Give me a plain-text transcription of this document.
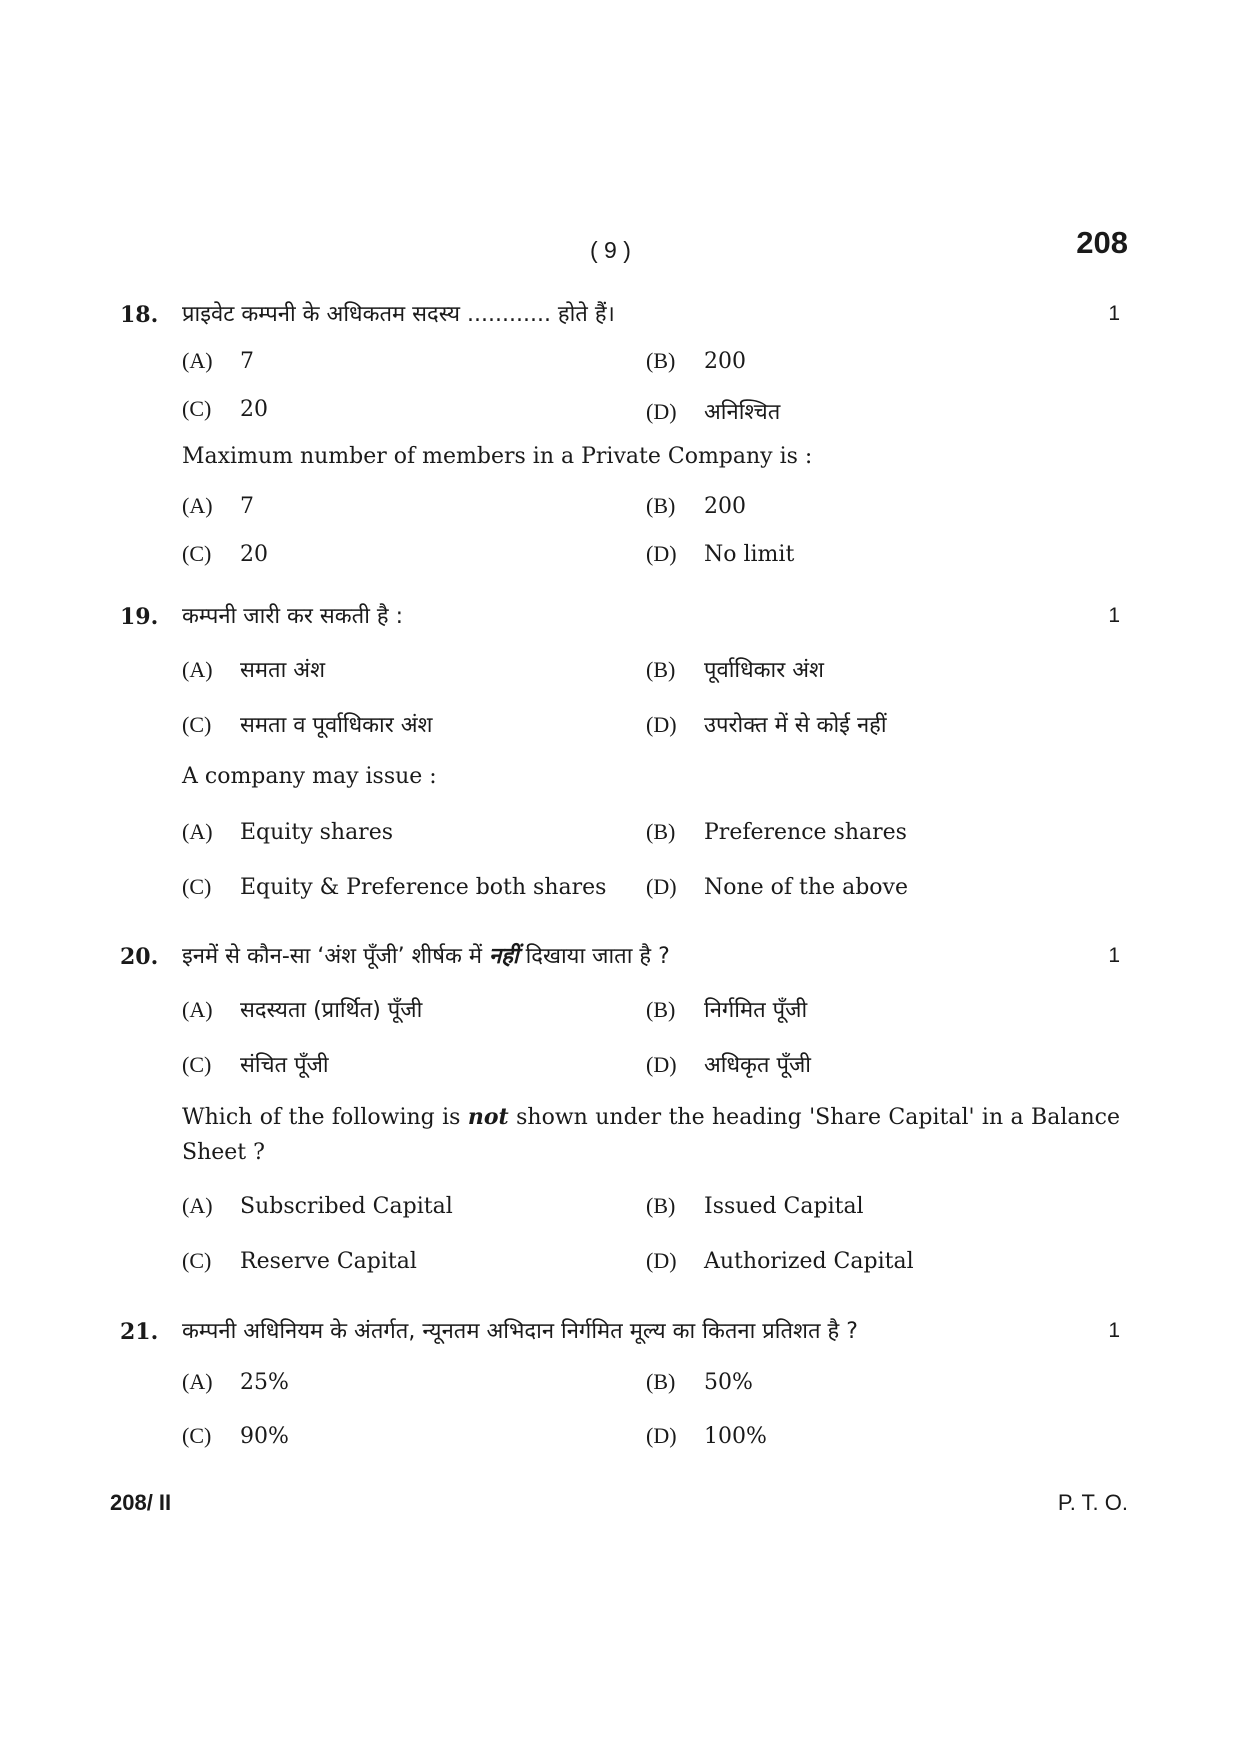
( 9 )	208
18. प्राइवेट कम्पनी के अधिकतम सदस्य ............ होते हैं।	1
(A) 7	(B) 200
(C) 20	(D) अनिश्चित
Maximum number of members in a Private Company is :
(A) 7	(B) 200
(C) 20	(D) No limit
19. कम्पनी जारी कर सकती है :	1
(A) समता अंश	(B) पूर्वाधिकार अंश
(C) समता व पूर्वाधिकार अंश	(D) उपरोक्त में से कोई नहीं
A company may issue :
(A) Equity shares	(B) Preference shares
(C) Equity & Preference both shares (D) None of the above
20. इनमें से कौन-सा ‘अंश पूँजी’ शीर्षक में नहीं दिखाया जाता है ?	1
(A) सदस्यता (प्रार्थित) पूँजी	(B) निर्गमित पूँजी
(C) संचित पूँजी	(D) अधिकृत पूँजी
Which of the following is not shown under the heading 'Share Capital' in a Balance Sheet ?
(A) Subscribed Capital	(B) Issued Capital
(C) Reserve Capital	(D) Authorized Capital
21. कम्पनी अधिनियम के अंतर्गत, न्यूनतम अभिदान निर्गमित मूल्य का कितना प्रतिशत है ?	1
(A) 25%	(B) 50%
(C) 90%	(D) 100%
208/ II	P. T. O.
